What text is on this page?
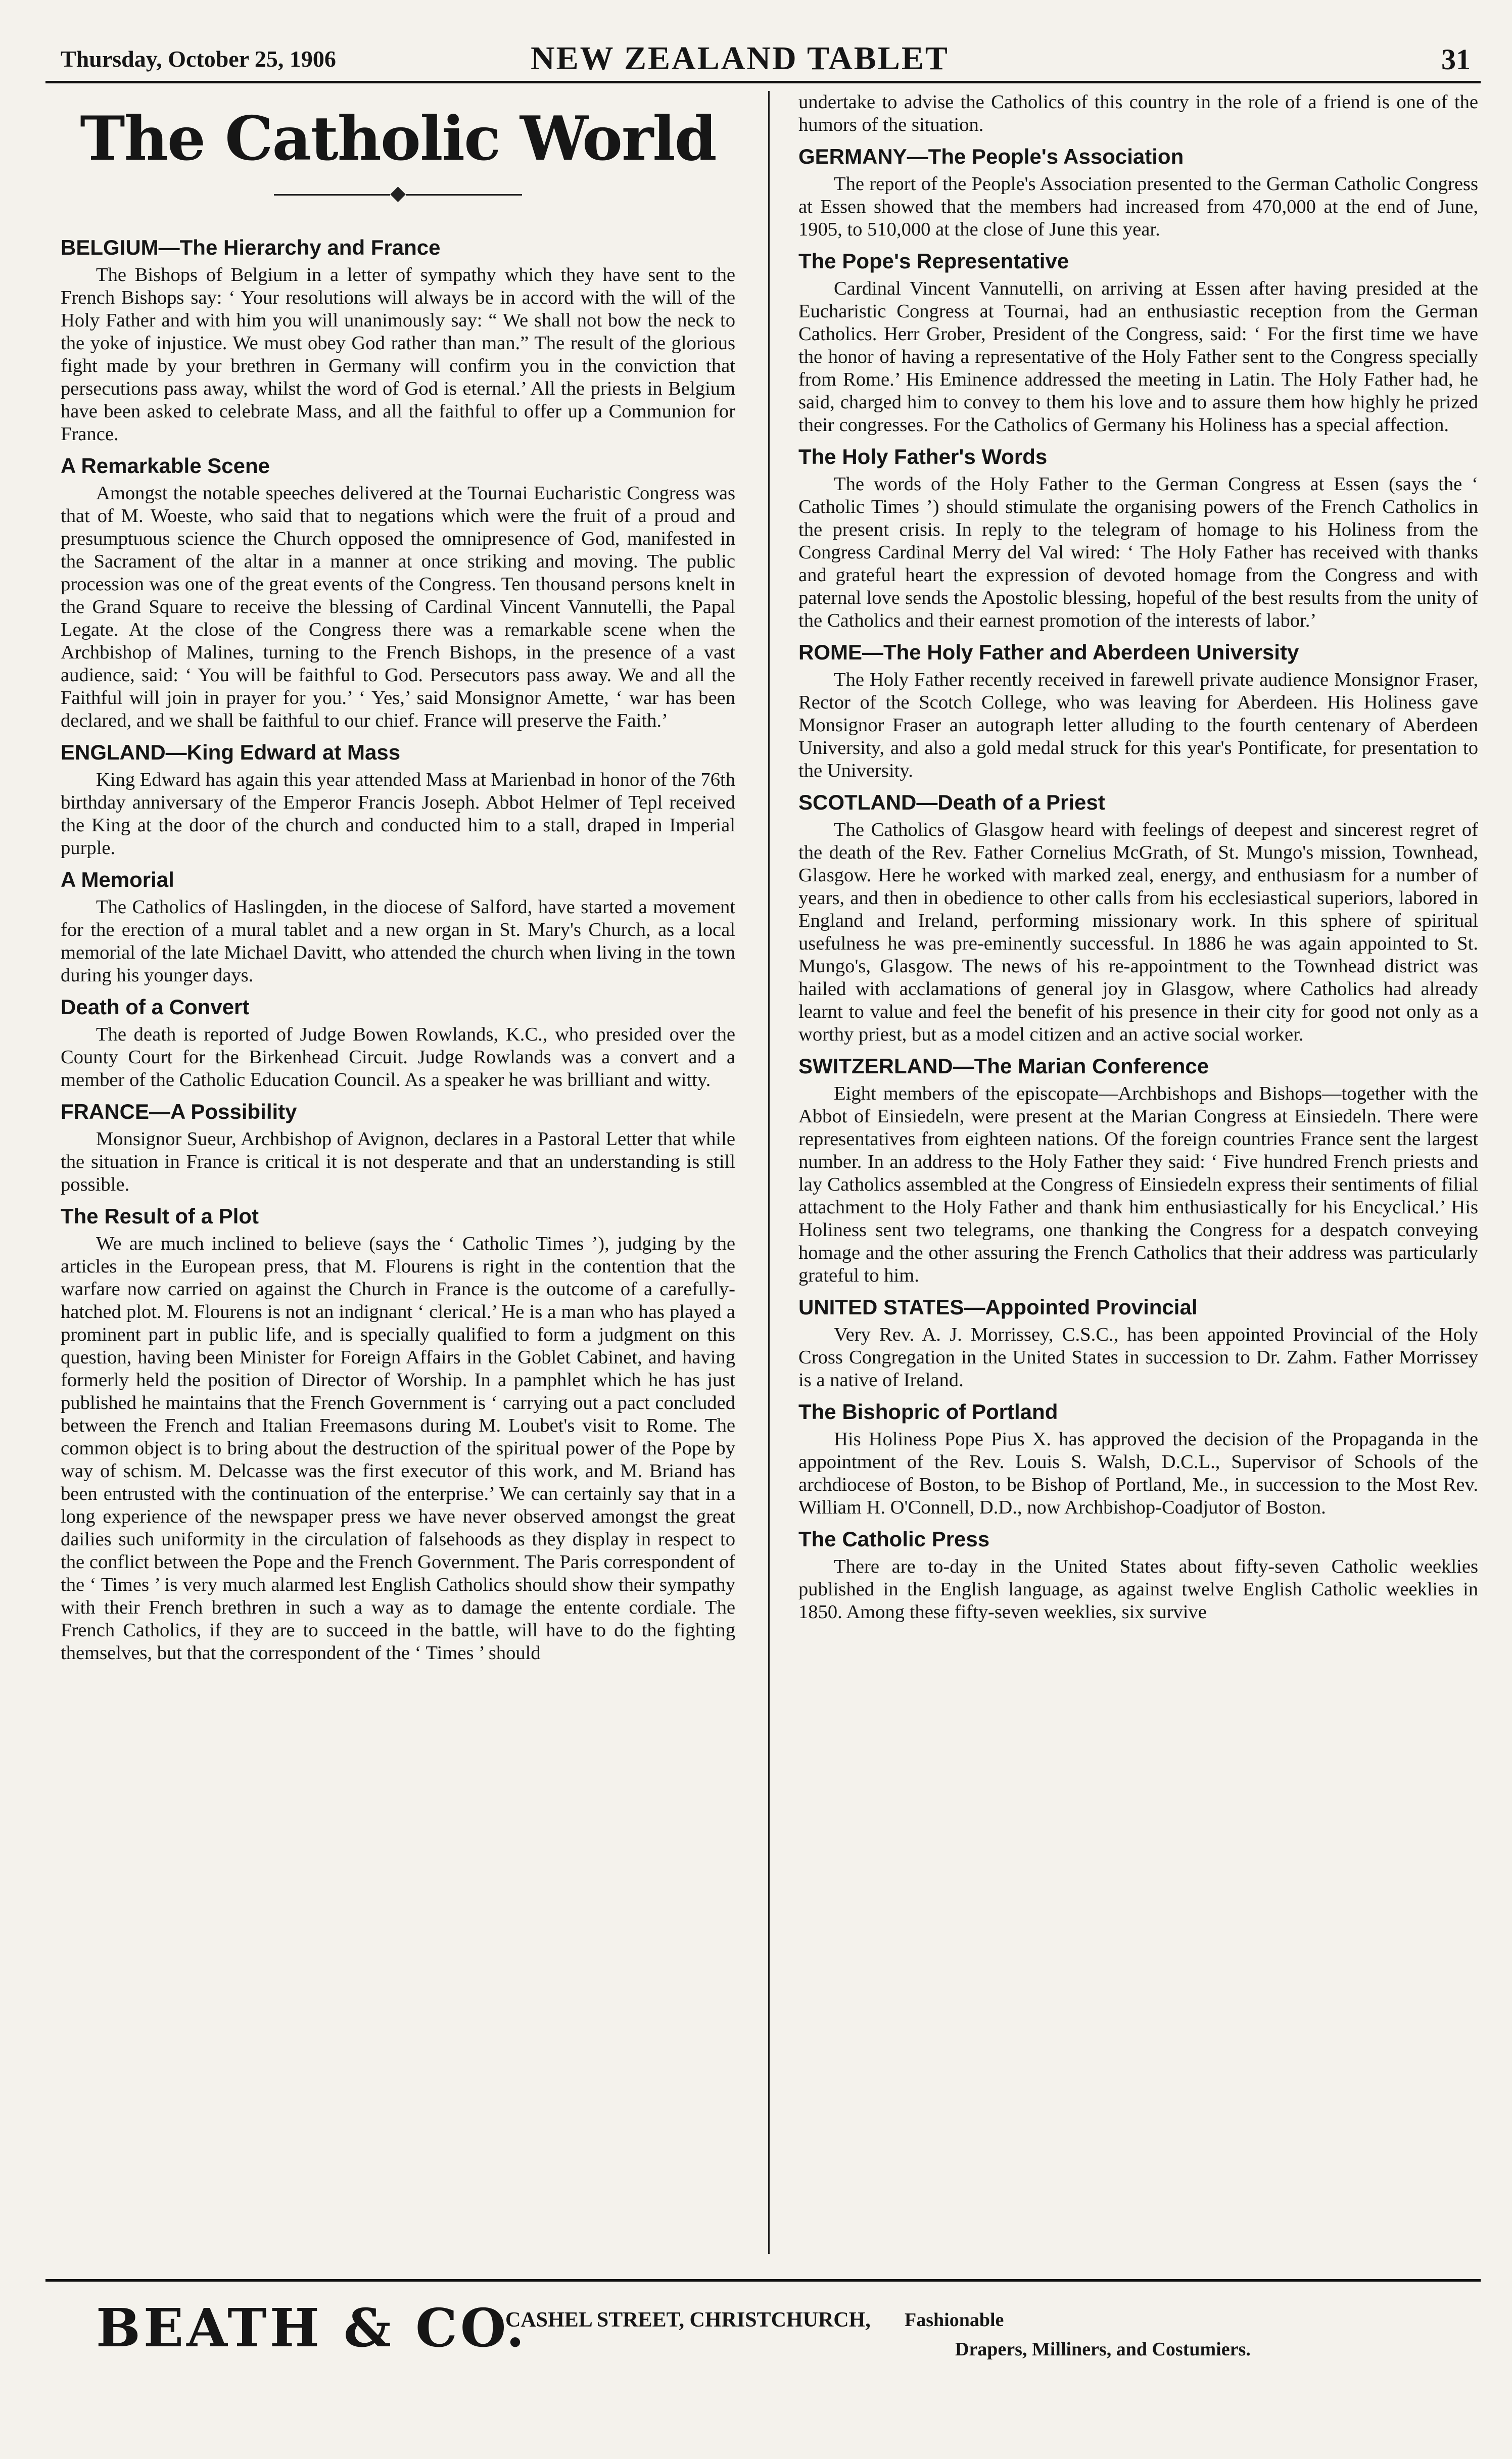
Thursday, October 25, 1906	NEW ZEALAND TABLET	31
The Catholic World
◆
BELGIUM—The Hierarchy and France

The Bishops of Belgium in a letter of sympathy which they have sent to the French Bishops say: ‘ Your resolutions will always be in accord with the will of the Holy Father and with him you will unanimously say: “ We shall not bow the neck to the yoke of injustice. We must obey God rather than man.” The result of the glorious fight made by your brethren in Germany will confirm you in the conviction that persecutions pass away, whilst the word of God is eternal.’ All the priests in Belgium have been asked to celebrate Mass, and all the faithful to offer up a Communion for France.

A Remarkable Scene

Amongst the notable speeches delivered at the Tournai Eucharistic Congress was that of M. Woeste, who said that to negations which were the fruit of a proud and presumptuous science the Church opposed the omnipresence of God, manifested in the Sacrament of the altar in a manner at once striking and moving. The public procession was one of the great events of the Congress. Ten thousand persons knelt in the Grand Square to receive the blessing of Cardinal Vincent Vannutelli, the Papal Legate. At the close of the Congress there was a remarkable scene when the Archbishop of Malines, turning to the French Bishops, in the presence of a vast audience, said: ‘ You will be faithful to God. Persecutors pass away. We and all the Faithful will join in prayer for you.’ ‘ Yes,’ said Monsignor Amette, ‘ war has been declared, and we shall be faithful to our chief. France will preserve the Faith.’

ENGLAND—King Edward at Mass

King Edward has again this year attended Mass at Marienbad in honor of the 76th birthday anniversary of the Emperor Francis Joseph. Abbot Helmer of Tepl received the King at the door of the church and conducted him to a stall, draped in Imperial purple.

A Memorial

The Catholics of Haslingden, in the diocese of Salford, have started a movement for the erection of a mural tablet and a new organ in St. Mary's Church, as a local memorial of the late Michael Davitt, who attended the church when living in the town during his younger days.

Death of a Convert

The death is reported of Judge Bowen Rowlands, K.C., who presided over the County Court for the Birkenhead Circuit. Judge Rowlands was a convert and a member of the Catholic Education Council. As a speaker he was brilliant and witty.

FRANCE—A Possibility

Monsignor Sueur, Archbishop of Avignon, declares in a Pastoral Letter that while the situation in France is critical it is not desperate and that an understanding is still possible.

The Result of a Plot

We are much inclined to believe (says the ‘ Catholic Times ’), judging by the articles in the European press, that M. Flourens is right in the contention that the warfare now carried on against the Church in France is the outcome of a carefully-hatched plot. M. Flourens is not an indignant ‘ clerical.’ He is a man who has played a prominent part in public life, and is specially qualified to form a judgment on this question, having been Minister for Foreign Affairs in the Goblet Cabinet, and having formerly held the position of Director of Worship. In a pamphlet which he has just published he maintains that the French Government is ‘ carrying out a pact concluded between the French and Italian Freemasons during M. Loubet's visit to Rome. The common object is to bring about the destruction of the spiritual power of the Pope by way of schism. M. Delcasse was the first executor of this work, and M. Briand has been entrusted with the continuation of the enterprise.’ We can certainly say that in a long experience of the newspaper press we have never observed amongst the great dailies such uniformity in the circulation of falsehoods as they display in respect to the conflict between the Pope and the French Government. The Paris correspondent of the ‘ Times ’ is very much alarmed lest English Catholics should show their sympathy with their French brethren in such a way as to damage the entente cordiale. The French Catholics, if they are to succeed in the battle, will have to do the fighting themselves, but that the correspondent of the ‘ Times ’ should

undertake to advise the Catholics of this country in the role of a friend is one of the humors of the situation.

GERMANY—The People's Association

The report of the People's Association presented to the German Catholic Congress at Essen showed that the members had increased from 470,000 at the end of June, 1905, to 510,000 at the close of June this year.

The Pope's Representative

Cardinal Vincent Vannutelli, on arriving at Essen after having presided at the Eucharistic Congress at Tournai, had an enthusiastic reception from the German Catholics. Herr Grober, President of the Congress, said: ‘ For the first time we have the honor of having a representative of the Holy Father sent to the Congress specially from Rome.’ His Eminence addressed the meeting in Latin. The Holy Father had, he said, charged him to convey to them his love and to assure them how highly he prized their congresses. For the Catholics of Germany his Holiness has a special affection.

The Holy Father's Words

The words of the Holy Father to the German Congress at Essen (says the ‘ Catholic Times ’) should stimulate the organising powers of the French Catholics in the present crisis. In reply to the telegram of homage to his Holiness from the Congress Cardinal Merry del Val wired: ‘ The Holy Father has received with thanks and grateful heart the expression of devoted homage from the Congress and with paternal love sends the Apostolic blessing, hopeful of the best results from the unity of the Catholics and their earnest promotion of the interests of labor.’

ROME—The Holy Father and Aberdeen University

The Holy Father recently received in farewell private audience Monsignor Fraser, Rector of the Scotch College, who was leaving for Aberdeen. His Holiness gave Monsignor Fraser an autograph letter alluding to the fourth centenary of Aberdeen University, and also a gold medal struck for this year's Pontificate, for presentation to the University.

SCOTLAND—Death of a Priest

The Catholics of Glasgow heard with feelings of deepest and sincerest regret of the death of the Rev. Father Cornelius McGrath, of St. Mungo's mission, Townhead, Glasgow. Here he worked with marked zeal, energy, and enthusiasm for a number of years, and then in obedience to other calls from his ecclesiastical superiors, labored in England and Ireland, performing missionary work. In this sphere of spiritual usefulness he was pre-eminently successful. In 1886 he was again appointed to St. Mungo's, Glasgow. The news of his re-appointment to the Townhead district was hailed with acclamations of general joy in Glasgow, where Catholics had already learnt to value and feel the benefit of his presence in their city for good not only as a worthy priest, but as a model citizen and an active social worker.

SWITZERLAND—The Marian Conference

Eight members of the episcopate—Archbishops and Bishops—together with the Abbot of Einsiedeln, were present at the Marian Congress at Einsiedeln. There were representatives from eighteen nations. Of the foreign countries France sent the largest number. In an address to the Holy Father they said: ‘ Five hundred French priests and lay Catholics assembled at the Congress of Einsiedeln express their sentiments of filial attachment to the Holy Father and thank him enthusiastically for his Encyclical.’ His Holiness sent two telegrams, one thanking the Congress for a despatch conveying homage and the other assuring the French Catholics that their address was particularly grateful to him.

UNITED STATES—Appointed Provincial

Very Rev. A. J. Morrissey, C.S.C., has been appointed Provincial of the Holy Cross Congregation in the United States in succession to Dr. Zahm. Father Morrissey is a native of Ireland.

The Bishopric of Portland

His Holiness Pope Pius X. has approved the decision of the Propaganda in the appointment of the Rev. Louis S. Walsh, D.C.L., Supervisor of Schools of the archdiocese of Boston, to be Bishop of Portland, Me., in succession to the Most Rev. William H. O'Connell, D.D., now Archbishop-Coadjutor of Boston.

The Catholic Press

There are to-day in the United States about fifty-seven Catholic weeklies published in the English language, as against twelve English Catholic weeklies in 1850. Among these fifty-seven weeklies, six survive

BEATH & CO.
CASHEL STREET, CHRISTCHURCH, Fashionable
Drapers, Milliners, and Costumiers.
